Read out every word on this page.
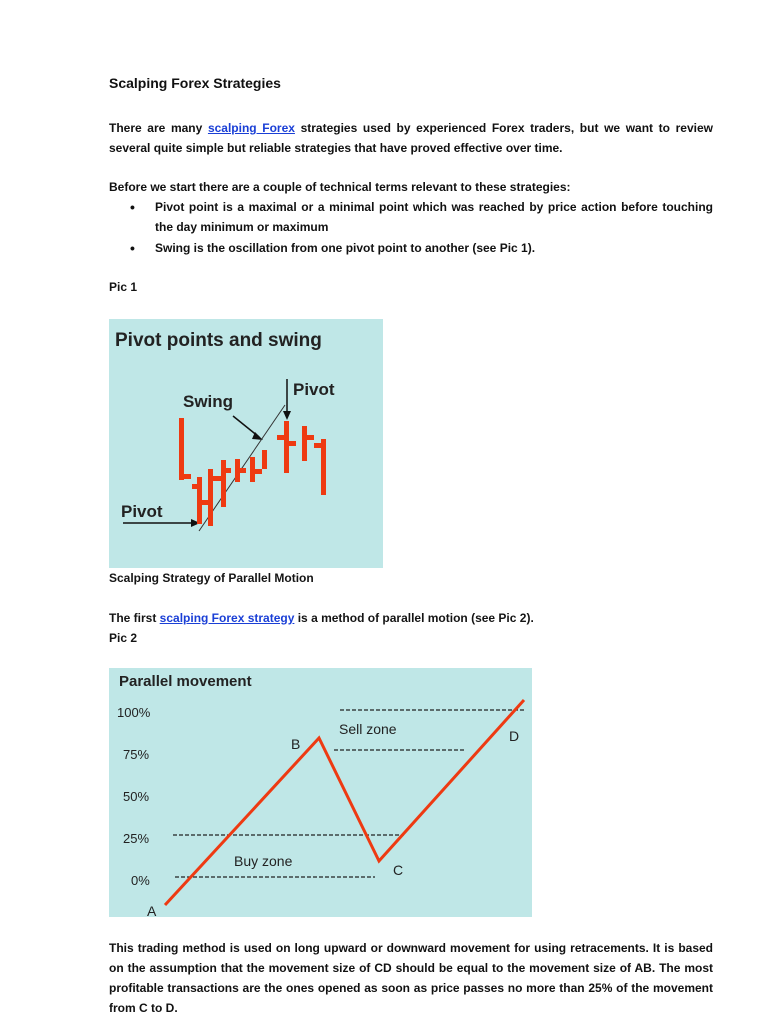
Scalping Forex Strategies
There are many scalping Forex strategies used by experienced Forex traders, but we want to review several quite simple but reliable strategies that have proved effective over time.
Before we start there are a couple of technical terms relevant to these strategies:
• Pivot point is a maximal or a minimal point which was reached by price action before touching the day minimum or maximum
• Swing is the oscillation from one pivot point to another (see Pic 1).
Pic 1
Pivot points and swing
Swing
Pivot
Pivot
Scalping Strategy of Parallel Motion
The first scalping Forex strategy is a method of parallel motion (see Pic 2).
Pic 2
Parallel movement
100%
75%
50%
25%
0%
Sell zone
Buy zone
A
B
C
D
This trading method is used on long upward or downward movement for using retracements. It is based on the assumption that the movement size of CD should be equal to the movement size of AB. The most profitable transactions are the ones opened as soon as price passes no more than 25% of the movement from C to D.
